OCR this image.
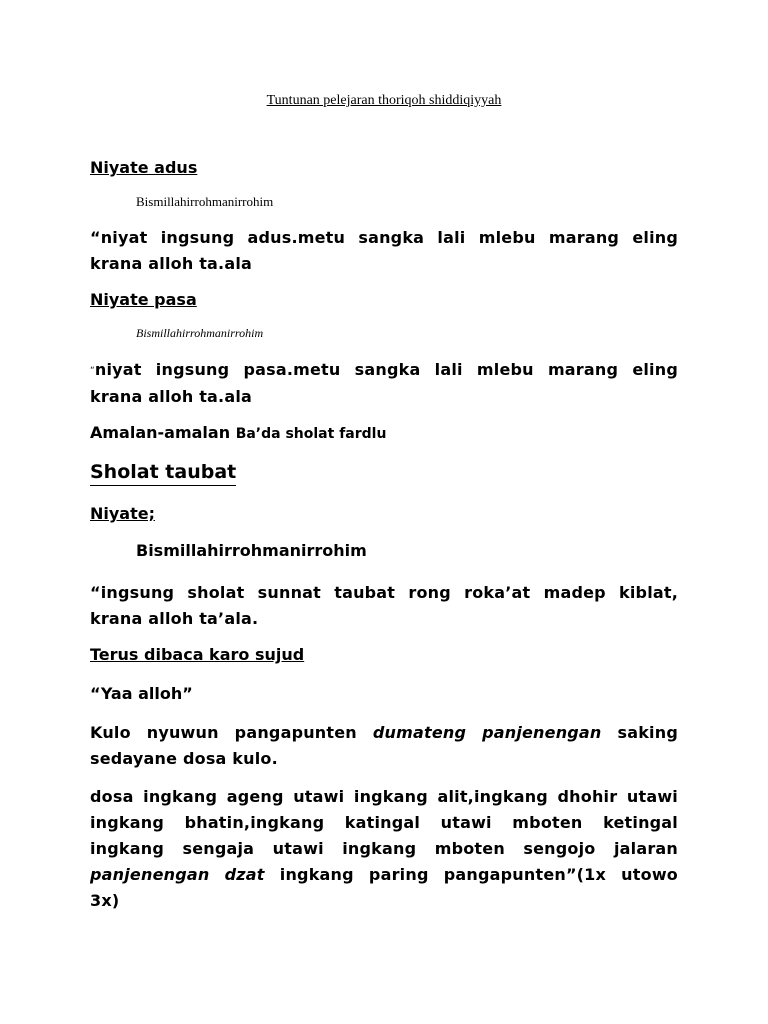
Tuntunan pelejaran thoriqoh shiddiqiyyah
Niyate adus
Bismillahirrohmanirrohim
“niyat ingsung adus.metu sangka lali mlebu marang eling
krana alloh ta.ala
Niyate pasa
Bismillahirrohmanirrohim
“niyat ingsung pasa.metu sangka lali mlebu marang eling
krana alloh ta.ala
Amalan-amalan Ba’da sholat fardlu
Sholat taubat
Niyate;
Bismillahirrohmanirrohim
“ingsung sholat sunnat taubat rong roka’at madep kiblat,
krana alloh ta’ala.
Terus dibaca karo sujud
“Yaa alloh”
Kulo nyuwun pangapunten dumateng panjenengan saking
sedayane dosa kulo.
dosa ingkang ageng utawi ingkang alit,ingkang dhohir utawi
ingkang bhatin,ingkang katingal utawi mboten ketingal
ingkang sengaja utawi ingkang mboten sengojo jalaran
panjenengan dzat ingkang paring pangapunten”(1x utowo
3x)
